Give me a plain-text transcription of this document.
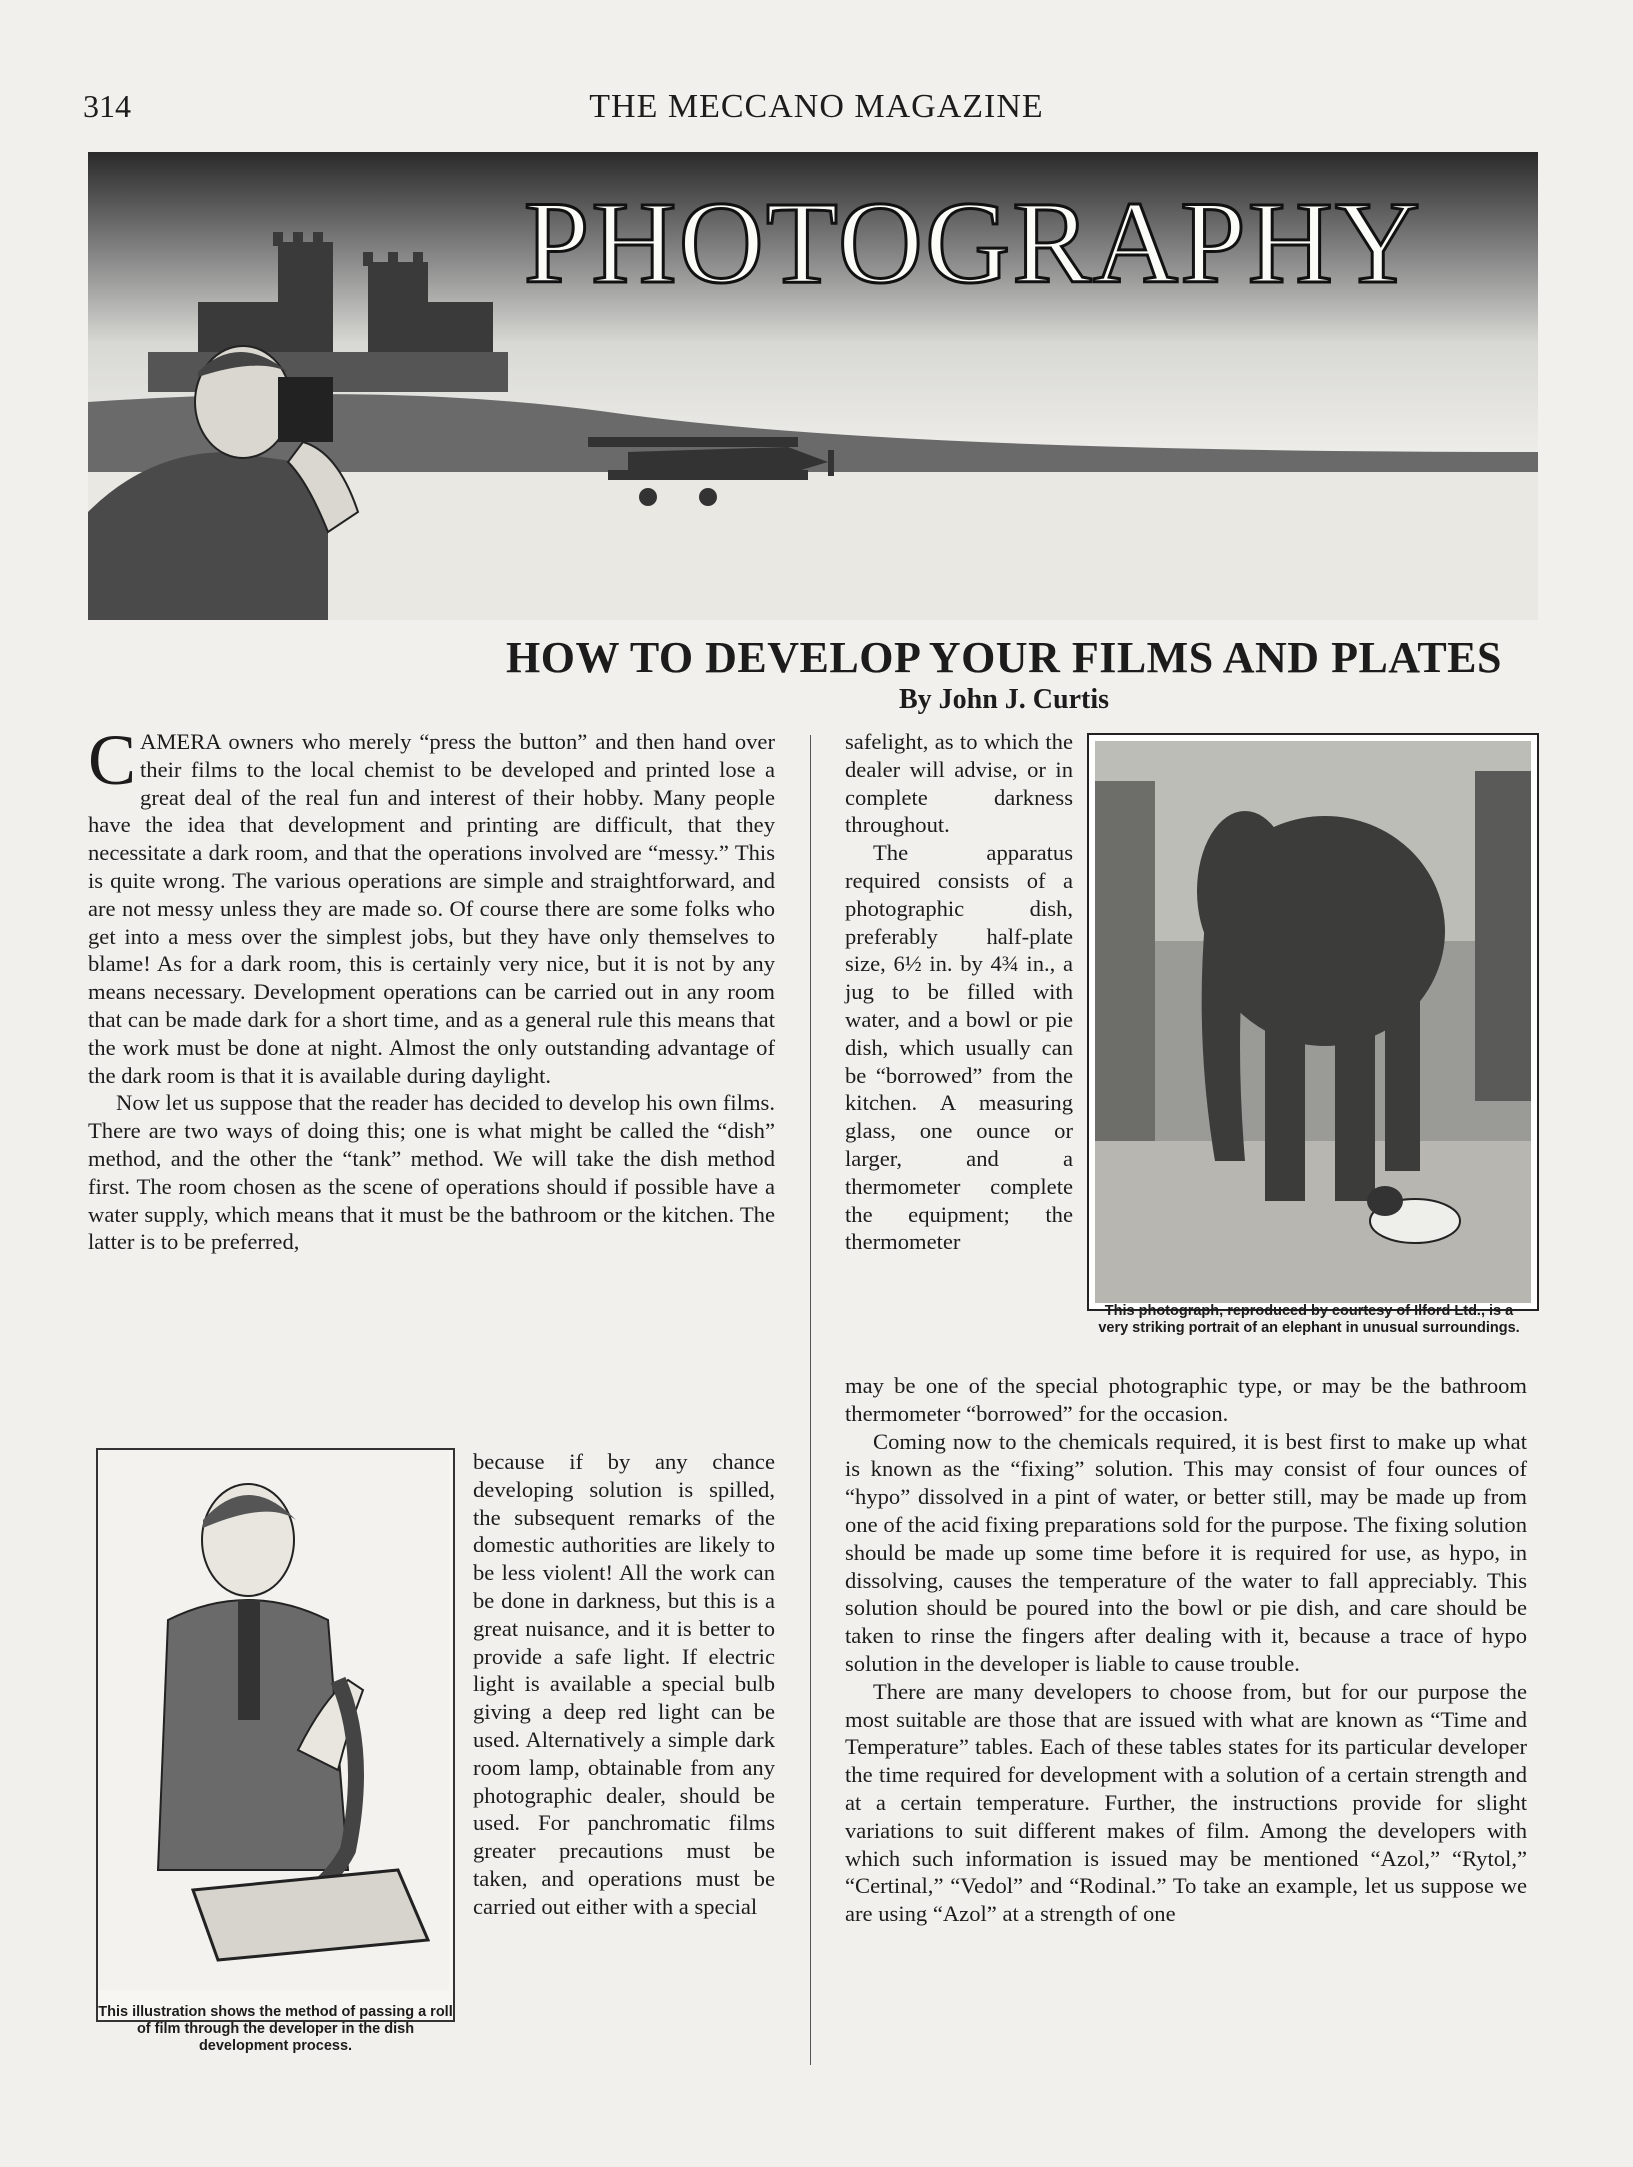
314	THE MECCANO MAGAZINE
PHOTOGRAPHY
HOW TO DEVELOP YOUR FILMS AND PLATES
By John J. Curtis

CAMERA owners who merely “press the button” and then hand over their films to the local chemist to be developed and printed lose a great deal of the real fun and interest of their hobby. Many people have the idea that development and printing are difficult, that they necessitate a dark room, and that the operations involved are “messy.” This is quite wrong. The various operations are simple and straightforward, and are not messy unless they are made so. Of course there are some folks who get into a mess over the simplest jobs, but they have only themselves to blame! As for a dark room, this is certainly very nice, but it is not by any means necessary. Development operations can be carried out in any room that can be made dark for a short time, and as a general rule this means that the work must be done at night. Almost the only outstanding advantage of the dark room is that it is available during daylight.

Now let us suppose that the reader has decided to develop his own films. There are two ways of doing this; one is what might be called the “dish” method, and the other the “tank” method. We will take the dish method first. The room chosen as the scene of operations should if possible have a water supply, which means that it must be the bathroom or the kitchen. The latter is to be preferred,

This illustration shows the method of passing a roll of film through the developer in the dish development process.

because if by any chance developing solution is spilled, the subsequent remarks of the domestic authorities are likely to be less violent! All the work can be done in darkness, but this is a great nuisance, and it is better to provide a safe light. If electric light is available a special bulb giving a deep red light can be used. Alternatively a simple dark room lamp, obtainable from any photographic dealer, should be used. For panchromatic films greater precautions must be taken, and operations must be carried out either with a special

safelight, as to which the dealer will advise, or in complete darkness throughout.

The apparatus required consists of a photographic dish, preferably half-plate size, 6½ in. by 4¾ in., a jug to be filled with water, and a bowl or pie dish, which usually can be “borrowed” from the kitchen. A measuring glass, one ounce or larger, and a thermometer complete the equipment; the thermometer

This photograph, reproduced by courtesy of Ilford Ltd., is a very striking portrait of an elephant in unusual surroundings.

may be one of the special photographic type, or may be the bathroom thermometer “borrowed” for the occasion.

Coming now to the chemicals required, it is best first to make up what is known as the “fixing” solution. This may consist of four ounces of “hypo” dissolved in a pint of water, or better still, may be made up from one of the acid fixing preparations sold for the purpose. The fixing solution should be made up some time before it is required for use, as hypo, in dissolving, causes the temperature of the water to fall appreciably. This solution should be poured into the bowl or pie dish, and care should be taken to rinse the fingers after dealing with it, because a trace of hypo solution in the developer is liable to cause trouble.

There are many developers to choose from, but for our purpose the most suitable are those that are issued with what are known as “Time and Temperature” tables. Each of these tables states for its particular developer the time required for development with a solution of a certain strength and at a certain temperature. Further, the instructions provide for slight variations to suit different makes of film. Among the developers with which such information is issued may be mentioned “Azol,” “Rytol,” “Certinal,” “Vedol” and “Rodinal.” To take an example, let us suppose we are using “Azol” at a strength of one
